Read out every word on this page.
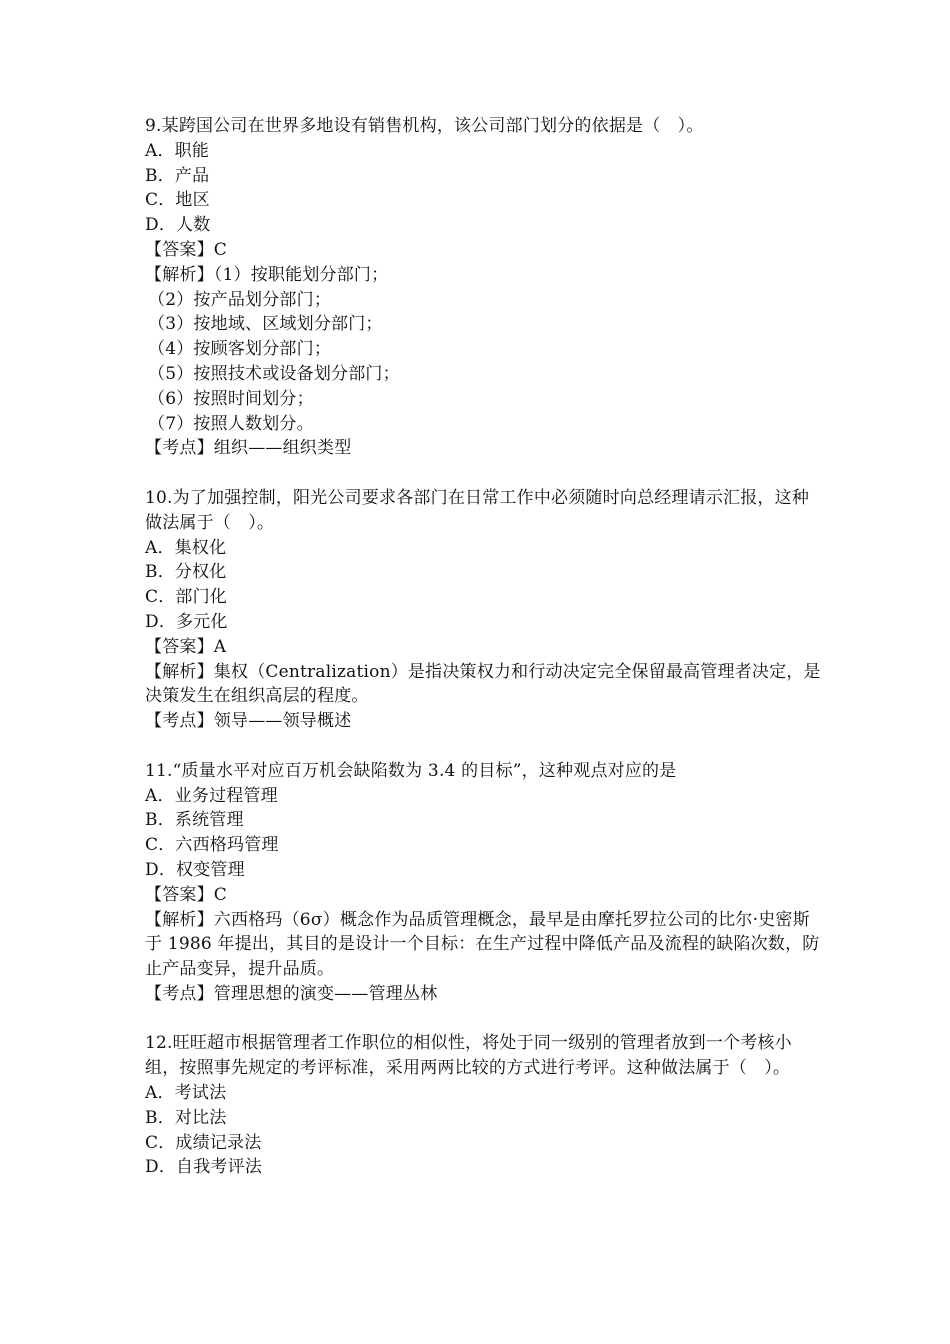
9.某跨国公司在世界多地设有销售机构，该公司部门划分的依据是（　）。
A．职能
B．产品
C．地区
D．人数
【答案】C
【解析】（1）按职能划分部门；
（2）按产品划分部门；
（3）按地域、区域划分部门；
（4）按顾客划分部门；
（5）按照技术或设备划分部门；
（6）按照时间划分；
（7）按照人数划分。
【考点】组织——组织类型
10.为了加强控制，阳光公司要求各部门在日常工作中必须随时向总经理请示汇报，这种做法属于（　）。
A．集权化
B．分权化
C．部门化
D．多元化
【答案】A
【解析】集权（Centralization）是指决策权力和行动决定完全保留最高管理者决定，是决策发生在组织高层的程度。
【考点】领导——领导概述
11.“质量水平对应百万机会缺陷数为 3.4 的目标”，这种观点对应的是
A．业务过程管理
B．系统管理
C．六西格玛管理
D．权变管理
【答案】C
【解析】六西格玛（6σ）概念作为品质管理概念，最早是由摩托罗拉公司的比尔·史密斯于 1986 年提出，其目的是设计一个目标：在生产过程中降低产品及流程的缺陷次数，防止产品变异，提升品质。
【考点】管理思想的演变——管理丛林
12.旺旺超市根据管理者工作职位的相似性，将处于同一级别的管理者放到一个考核小组，按照事先规定的考评标准，采用两两比较的方式进行考评。这种做法属于（　）。
A．考试法
B．对比法
C．成绩记录法
D．自我考评法
